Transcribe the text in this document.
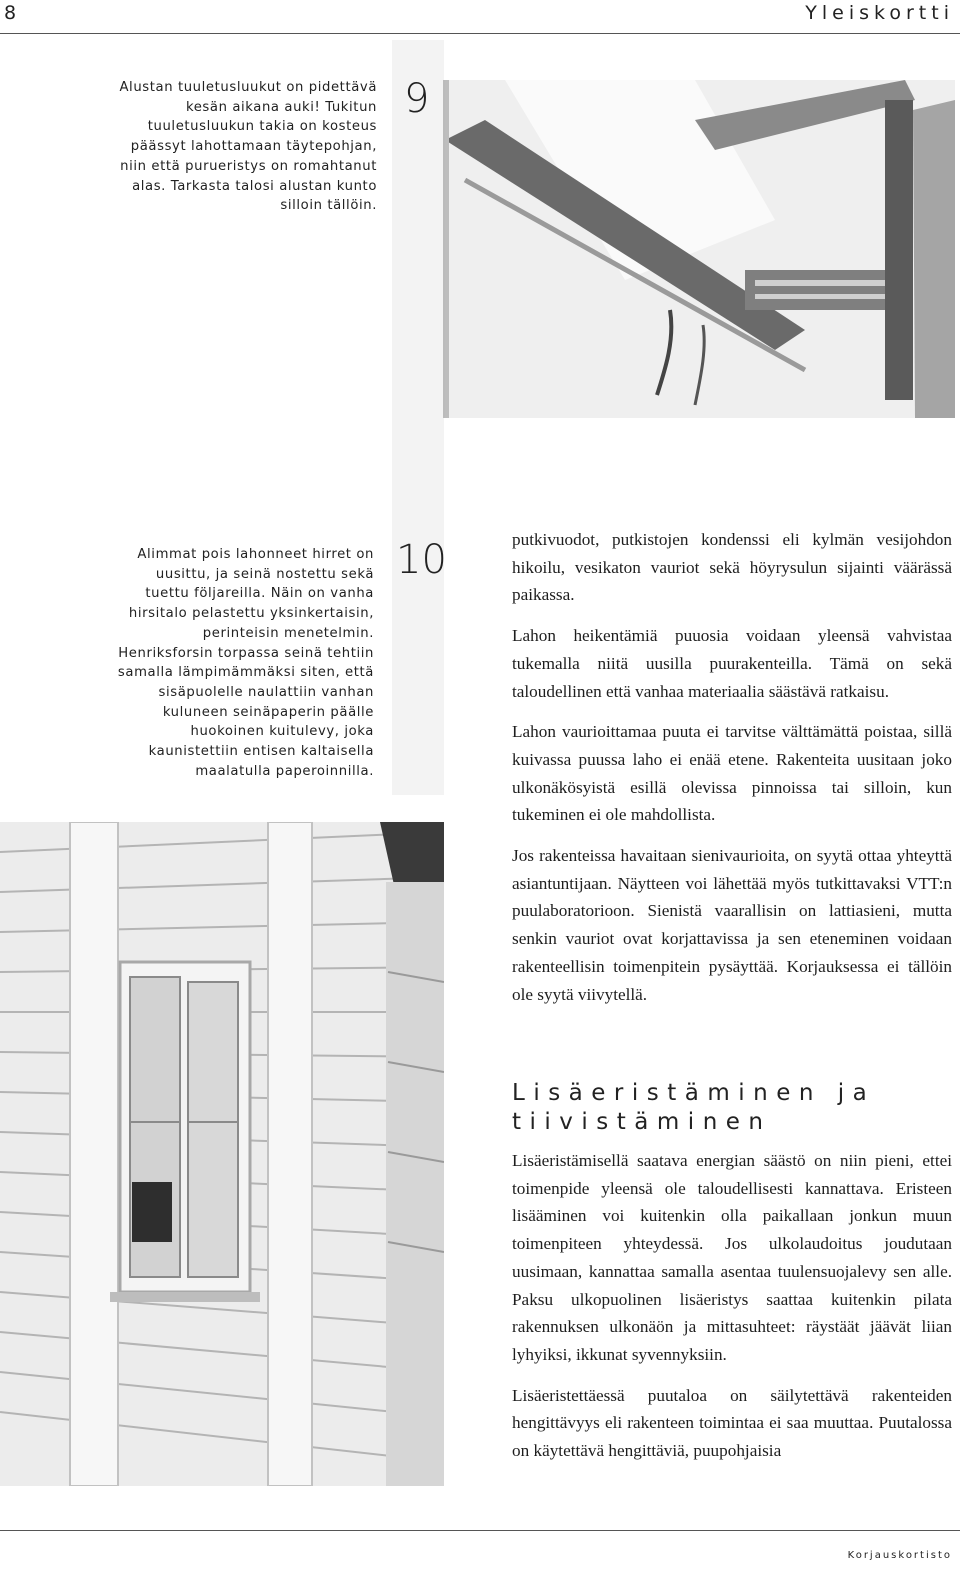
8	Yleiskortti
Alustan tuuletusluukut on pidettävä kesän aikana auki! Tukitun tuuletusluukun takia on kosteus päässyt lahottamaan täytepohjan, niin että purueristys on romahtanut alas. Tarkasta talosi alustan kunto silloin tällöin.
9
Alimmat pois lahonneet hirret on uusittu, ja seinä nostettu sekä tuettu följareilla. Näin on vanha hirsitalo pelastettu yksinkertaisin, perinteisin menetelmin. Henriksforsin torpassa seinä tehtiin samalla lämpimämmäksi siten, että sisäpuolelle naulattiin vanhan kuluneen seinäpaperin päälle huokoinen kuitulevy, joka kaunistettiin entisen kaltaisella maalatulla paperoinnilla.
10	putkivuodot, putkistojen kondenssi eli kylmän vesijohdon hikoilu, vesikaton vauriot sekä höyrysulun sijainti väärässä paikassa.

Lahon heikentämiä puuosia voidaan yleensä vahvistaa tukemalla niitä uusilla puurakenteilla. Tämä on sekä taloudellinen että vanhaa materiaalia säästävä ratkaisu.

Lahon vaurioittamaa puuta ei tarvitse välttämättä poistaa, sillä kuivassa puussa laho ei enää etene. Rakenteita uusitaan joko ulkonäkösyistä esillä olevissa pinnoissa tai silloin, kun tukeminen ei ole mahdollista.

Jos rakenteissa havaitaan sienivaurioita, on syytä ottaa yhteyttä asiantuntijaan. Näytteen voi lähettää myös tutkittavaksi VTT:n puulaboratorioon. Sienistä vaarallisin on lattiasieni, mutta senkin vauriot ovat korjattavissa ja sen eteneminen voidaan rakenteellisin toimenpitein pysäyttää. Korjauksessa ei tällöin ole syytä viivytellä.

Lisäeristäminen ja tiivistäminen

Lisäeristämisellä saatava energian säästö on niin pieni, ettei toimenpide yleensä ole taloudellisesti kannattava. Eristeen lisääminen voi kuitenkin olla paikallaan jonkun muun toimenpiteen yhteydessä. Jos ulkolaudoitus joudutaan uusimaan, kannattaa samalla asentaa tuulensuojalevy sen alle. Paksu ulkopuolinen lisäeristys saattaa kuitenkin pilata rakennuksen ulkonäön ja mittasuhteet: räystäät jäävät liian lyhyiksi, ikkunat syvennyksiin.

Lisäeristettäessä puutaloa on säilytettävä rakenteiden hengittävyys eli rakenteen toimintaa ei saa muuttaa. Puutalossa on käytettävä hengittäviä, puupohjaisia

Korjauskortisto
